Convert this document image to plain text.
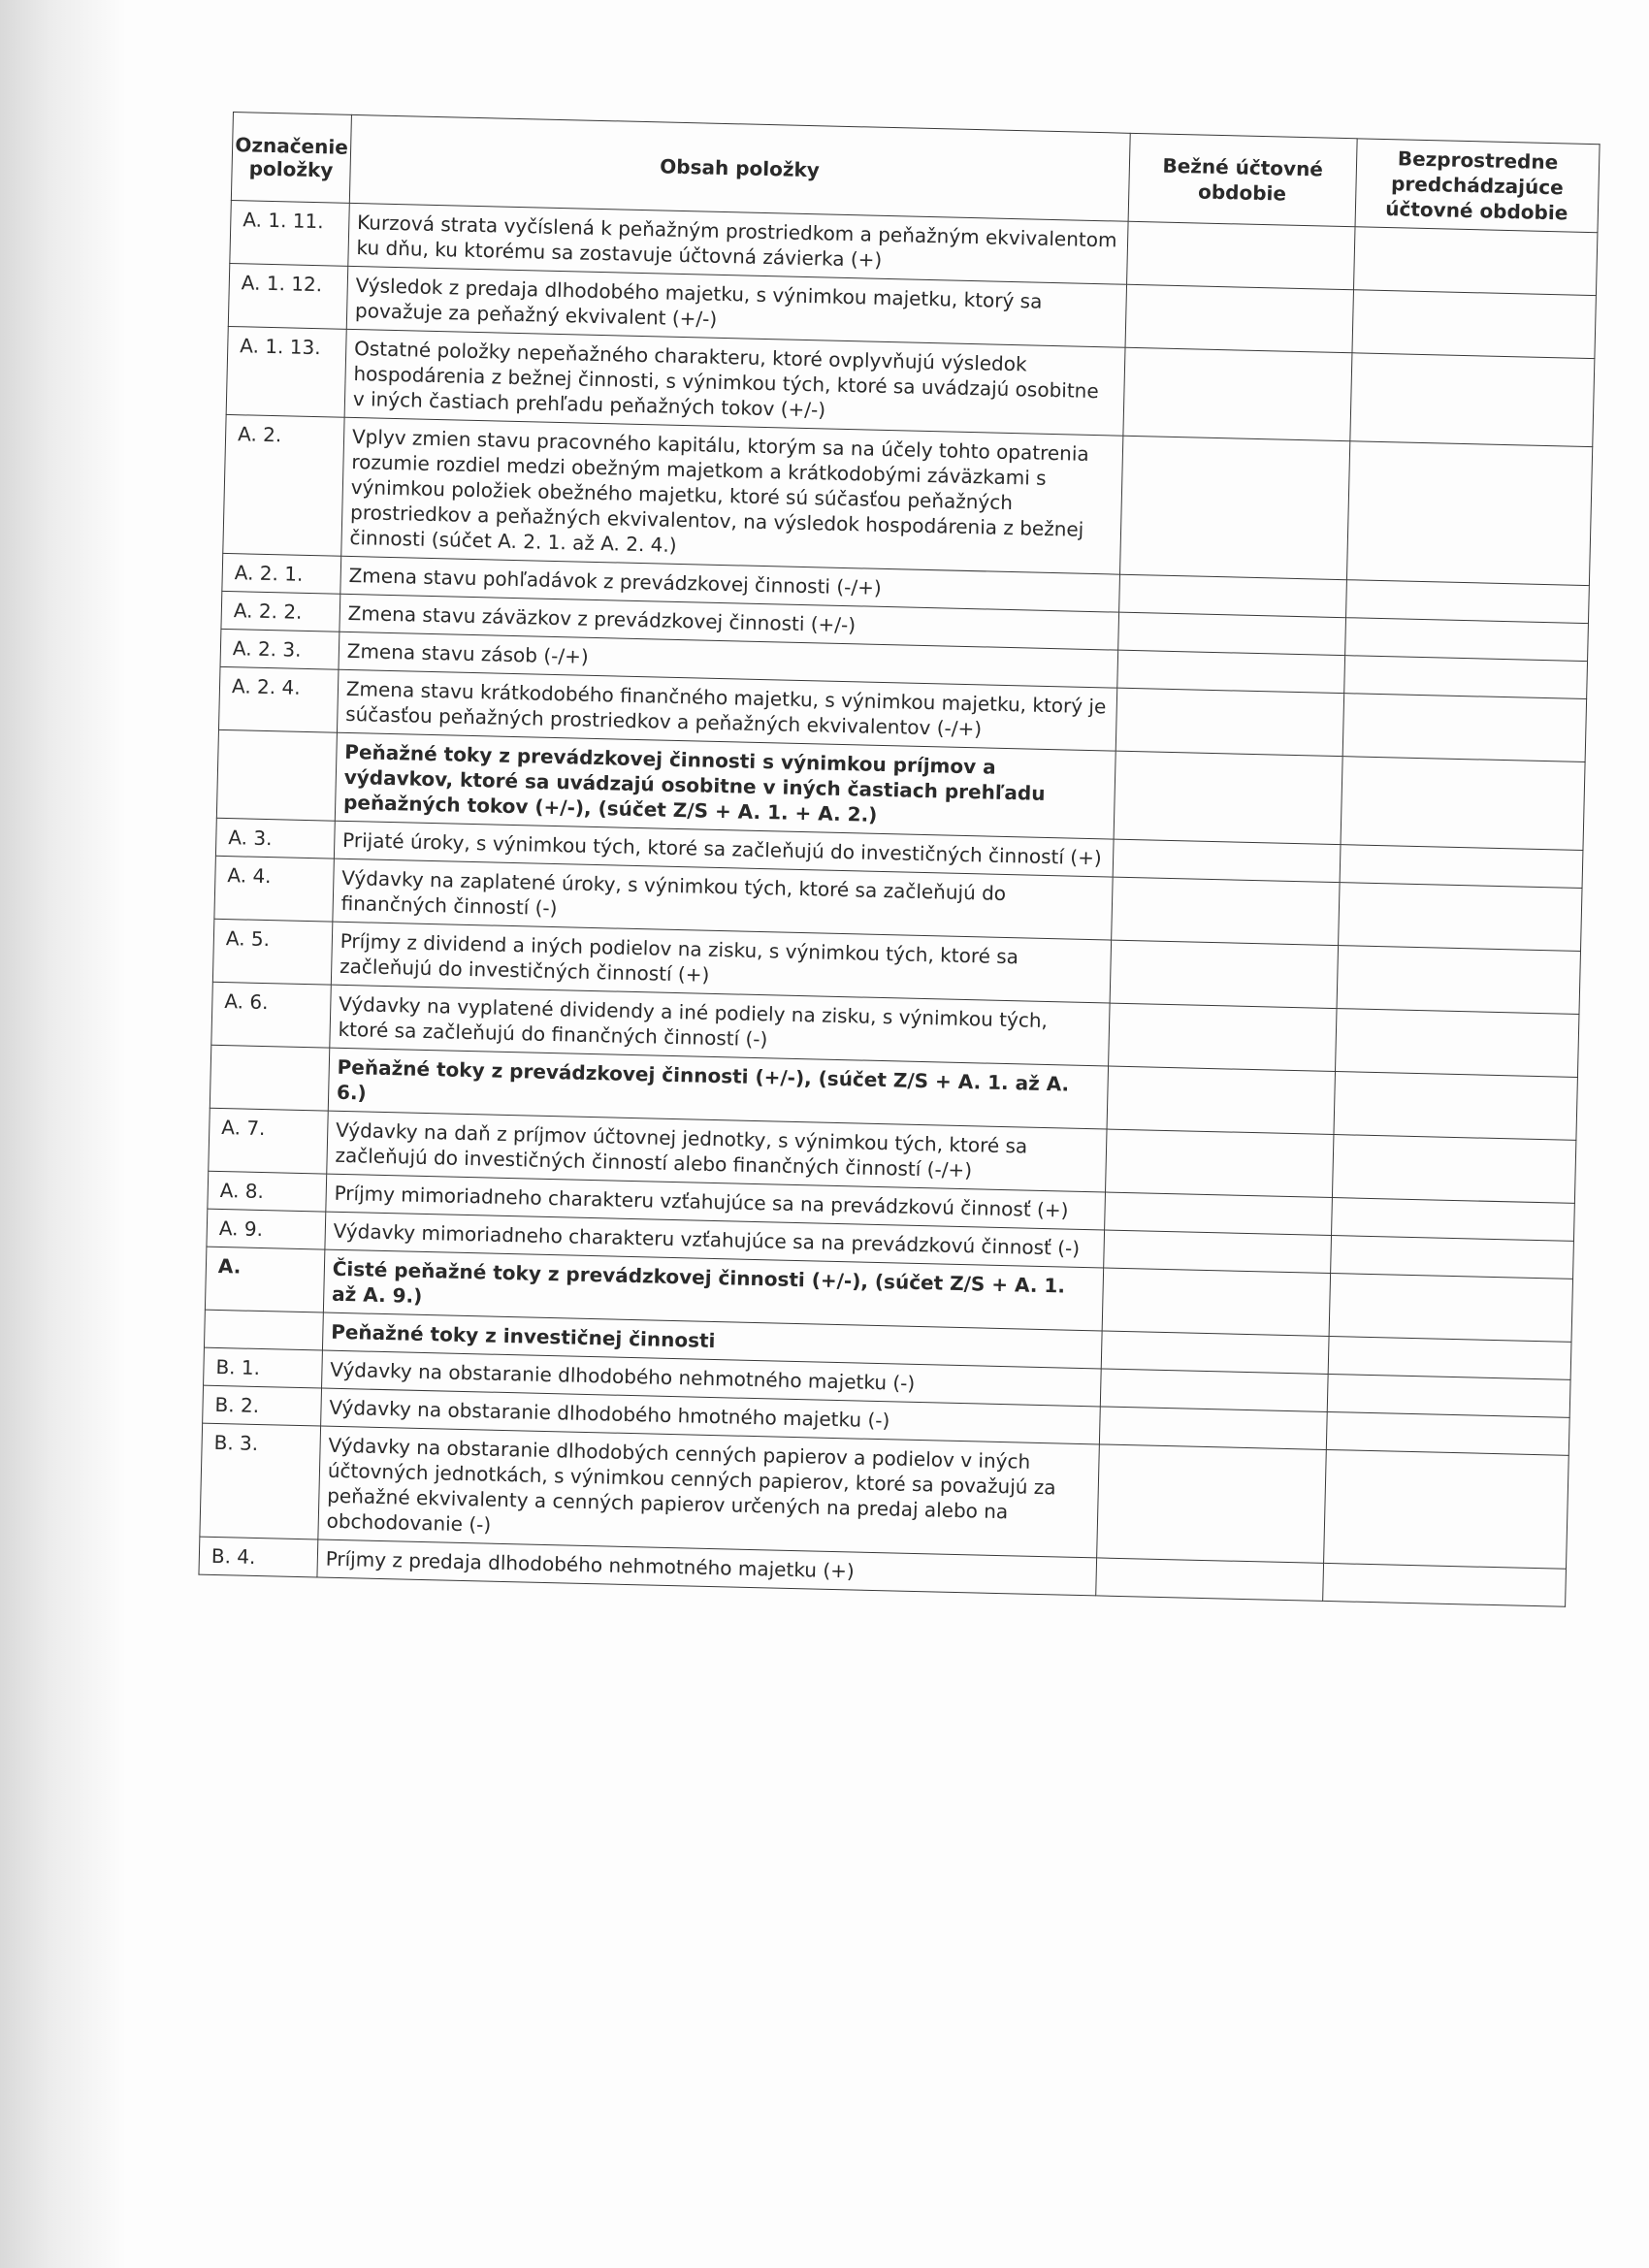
Označenie položky	Obsah položky	Bežné účtovné obdobie	Bezprostredne predchádzajúce účtovné obdobie
A. 1. 11.	Kurzová strata vyčíslená k peňažným prostriedkom a peňažným ekvivalentom ku dňu, ku ktorému sa zostavuje účtovná závierka (+)		
A. 1. 12.	Výsledok z predaja dlhodobého majetku, s výnimkou majetku, ktorý sa považuje za peňažný ekvivalent (+/-)		
A. 1. 13.	Ostatné položky nepeňažného charakteru, ktoré ovplyvňujú výsledok hospodárenia z bežnej činnosti, s výnimkou tých, ktoré sa uvádzajú osobitne v iných častiach prehľadu peňažných tokov (+/-)		
A. 2.	Vplyv zmien stavu pracovného kapitálu, ktorým sa na účely tohto opatrenia rozumie rozdiel medzi obežným majetkom a krátkodobými záväzkami s výnimkou položiek obežného majetku, ktoré sú súčasťou peňažných prostriedkov a peňažných ekvivalentov, na výsledok hospodárenia z bežnej činnosti (súčet A. 2. 1. až A. 2. 4.)		
A. 2. 1.	Zmena stavu pohľadávok z prevádzkovej činnosti (-/+)		
A. 2. 2.	Zmena stavu záväzkov z prevádzkovej činnosti (+/-)		
A. 2. 3.	Zmena stavu zásob (-/+)		
A. 2. 4.	Zmena stavu krátkodobého finančného majetku, s výnimkou majetku, ktorý je súčasťou peňažných prostriedkov a peňažných ekvivalentov (-/+)		
	Peňažné toky z prevádzkovej činnosti s výnimkou príjmov a výdavkov, ktoré sa uvádzajú osobitne v iných častiach prehľadu peňažných tokov (+/-), (súčet Z/S + A. 1. + A. 2.)		
A. 3.	Prijaté úroky, s výnimkou tých, ktoré sa začleňujú do investičných činností (+)		
A. 4.	Výdavky na zaplatené úroky, s výnimkou tých, ktoré sa začleňujú do finančných činností (-)		
A. 5.	Príjmy z dividend a iných podielov na zisku, s výnimkou tých, ktoré sa začleňujú do investičných činností (+)		
A. 6.	Výdavky na vyplatené dividendy a iné podiely na zisku, s výnimkou tých, ktoré sa začleňujú do finančných činností (-)		
	Peňažné toky z prevádzkovej činnosti (+/-), (súčet Z/S + A. 1. až A. 6.)		
A. 7.	Výdavky na daň z príjmov účtovnej jednotky, s výnimkou tých, ktoré sa začleňujú do investičných činností alebo finančných činností (-/+)		
A. 8.	Príjmy mimoriadneho charakteru vzťahujúce sa na prevádzkovú činnosť (+)		
A. 9.	Výdavky mimoriadneho charakteru vzťahujúce sa na prevádzkovú činnosť (-)		
A.	Čisté peňažné toky z prevádzkovej činnosti (+/-), (súčet Z/S + A. 1. až A. 9.)		
	Peňažné toky z investičnej činnosti		
B. 1.	Výdavky na obstaranie dlhodobého nehmotného majetku (-)		
B. 2.	Výdavky na obstaranie dlhodobého hmotného majetku (-)		
B. 3.	Výdavky na obstaranie dlhodobých cenných papierov a podielov v iných účtovných jednotkách, s výnimkou cenných papierov, ktoré sa považujú za peňažné ekvivalenty a cenných papierov určených na predaj alebo na obchodovanie (-)		
B. 4.	Príjmy z predaja dlhodobého nehmotného majetku (+)		
